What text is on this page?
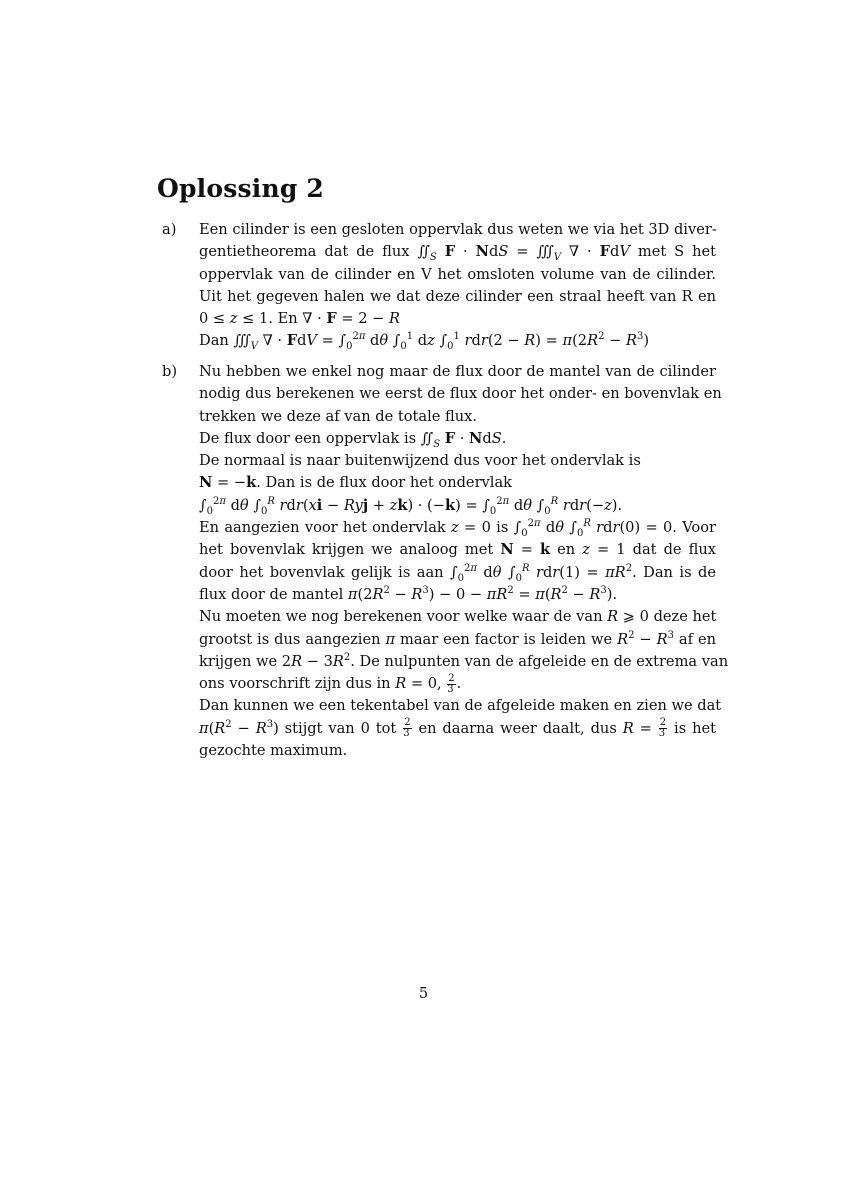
Oplossing 2
a) Een cilinder is een gesloten oppervlak dus weten we via het 3D diver-
gentietheorema dat de flux $∬_S$ F · NdS = $∭_V$ ∇ · FdV met S het
oppervlak van de cilinder en V het omsloten volume van de cilinder.
Uit het gegeven halen we dat deze cilinder een straal heeft van R en
0 ≤ z ≤ 1. En ∇ · F = 2 − R
Dan $∭_V$ ∇ · FdV = $\int_0^{2\pi}$ dθ $\int_0^1$ dz $\int_0^1$ $rdr(2 - R) = \pi(2R^2 - R^3)$
b) Nu hebben we enkel nog maar de flux door de mantel van de cilinder
nodig dus berekenen we eerst de flux door het onder- en bovenvlak en
trekken we deze af van de totale flux.
De flux door een oppervlak is $∬_S$ F · NdS.
De normaal is naar buitenwijzend dus voor het ondervlak is
N = −k. Dan is de flux door het ondervlak
$\int_0^{2\pi}$ dθ $\int_0^R$ rdr(xi − Ryj + $zk) \cdot (-k) = \int_0^{2\pi}$ dθ $\int_0^R$ rdr(−z).
En aangezien voor het ondervlak z = 0 is $\int_0^{2\pi}$ dθ $\int_0^R$ rdr(0) = 0. Voor
het bovenvlak krijgen we analoog met N = k en z = 1 dat de flux
door het bovenvlak gelijk is aan $\int_0^{2\pi}$ dθ $\int_0^R$ $rdr(1) = \pi R^2$. Dan is de
flux door de mantel $\pi(2R^2 - R^3) - 0 - \pi R^2 = \pi(R^2 - R^3)$.
Nu moeten we nog berekenen voor welke waar de van R ⩾ 0 deze het
grootst is dus aangezien π maar een factor is leiden we $R^2 - R^3$ af en
krijgen we $2R - 3R^2$. De nulpunten van de afgeleide en de extrema van
ons voorschrift zijn dus in R = 0, $\frac{2}{3}$ .
Dan kunnen we een tekentabel van de afgeleide maken en zien we dat
$\pi(R^2 - R^3)$ stijgt van 0 tot $\frac{2}{3}$ en daarna weer daalt, dus $R = \frac{2}{3}$ is het
gezochte maximum.
5
